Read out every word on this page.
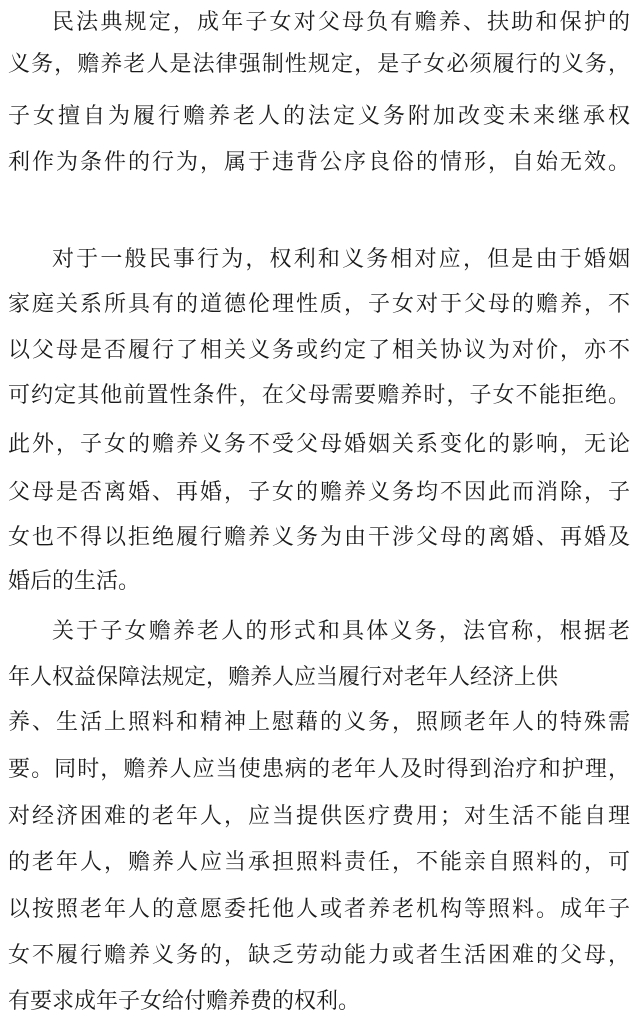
民法典规定，成年子女对父母负有赡养、扶助和保护的
义务，赡养老人是法律强制性规定，是子女必须履行的义务，
子女擅自为履行赡养老人的法定义务附加改变未来继承权
利作为条件的行为，属于违背公序良俗的情形，自始无效。
对于一般民事行为，权利和义务相对应，但是由于婚姻
家庭关系所具有的道德伦理性质，子女对于父母的赡养，不
以父母是否履行了相关义务或约定了相关协议为对价，亦不
可约定其他前置性条件，在父母需要赡养时，子女不能拒绝。
此外，子女的赡养义务不受父母婚姻关系变化的影响，无论
父母是否离婚、再婚，子女的赡养义务均不因此而消除，子
女也不得以拒绝履行赡养义务为由干涉父母的离婚、再婚及
婚后的生活。
关于子女赡养老人的形式和具体义务，法官称，根据老
年人权益保障法规定，赡养人应当履行对老年人经济上供
养、生活上照料和精神上慰藉的义务，照顾老年人的特殊需
要。同时，赡养人应当使患病的老年人及时得到治疗和护理，
对经济困难的老年人，应当提供医疗费用；对生活不能自理
的老年人，赡养人应当承担照料责任，不能亲自照料的，可
以按照老年人的意愿委托他人或者养老机构等照料。成年子
女不履行赡养义务的，缺乏劳动能力或者生活困难的父母，
有要求成年子女给付赡养费的权利。
